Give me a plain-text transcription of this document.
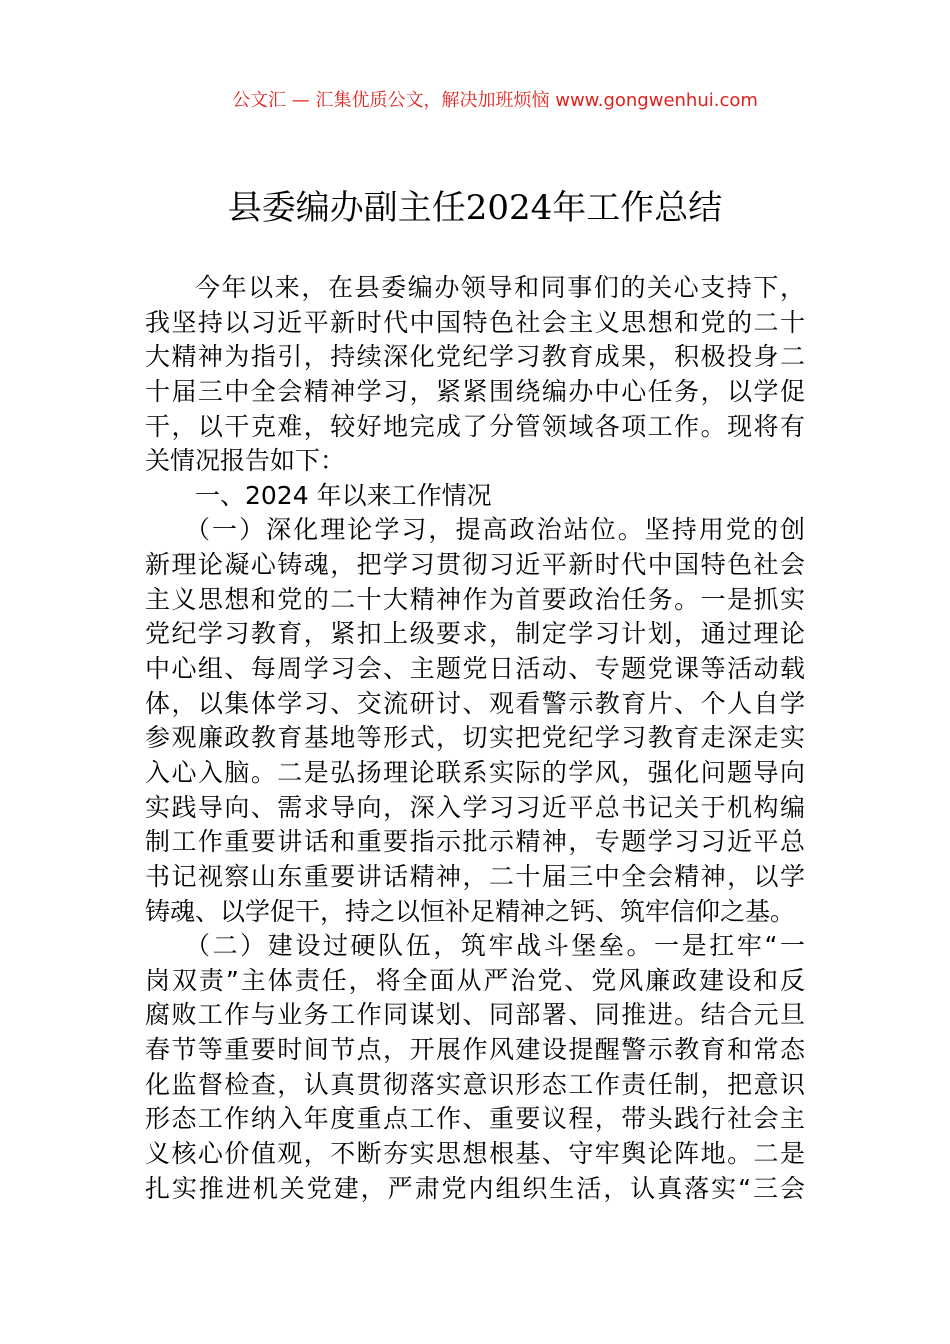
公文汇 — 汇集优质公文，解决加班烦恼 www.gongwenhui.com
县委编办副主任2024年工作总结
今年以来，在县委编办领导和同事们的关心支持下，
我坚持以习近平新时代中国特色社会主义思想和党的二十
大精神为指引，持续深化党纪学习教育成果，积极投身二
十届三中全会精神学习，紧紧围绕编办中心任务，以学促
干，以干克难，较好地完成了分管领域各项工作。现将有
关情况报告如下：
一、2024 年以来工作情况
（一）深化理论学习，提高政治站位。坚持用党的创
新理论凝心铸魂，把学习贯彻习近平新时代中国特色社会
主义思想和党的二十大精神作为首要政治任务。一是抓实
党纪学习教育，紧扣上级要求，制定学习计划，通过理论
中心组、每周学习会、主题党日活动、专题党课等活动载
体，以集体学习、交流研讨、观看警示教育片、个人自学
参观廉政教育基地等形式，切实把党纪学习教育走深走实
入心入脑。二是弘扬理论联系实际的学风，强化问题导向
实践导向、需求导向，深入学习习近平总书记关于机构编
制工作重要讲话和重要指示批示精神，专题学习习近平总
书记视察山东重要讲话精神，二十届三中全会精神，以学
铸魂、以学促干，持之以恒补足精神之钙、筑牢信仰之基。
（二）建设过硬队伍，筑牢战斗堡垒。一是扛牢“一
岗双责”主体责任，将全面从严治党、党风廉政建设和反
腐败工作与业务工作同谋划、同部署、同推进。结合元旦
春节等重要时间节点，开展作风建设提醒警示教育和常态
化监督检查，认真贯彻落实意识形态工作责任制，把意识
形态工作纳入年度重点工作、重要议程，带头践行社会主
义核心价值观，不断夯实思想根基、守牢舆论阵地。二是
扎实推进机关党建，严肃党内组织生活，认真落实“三会
